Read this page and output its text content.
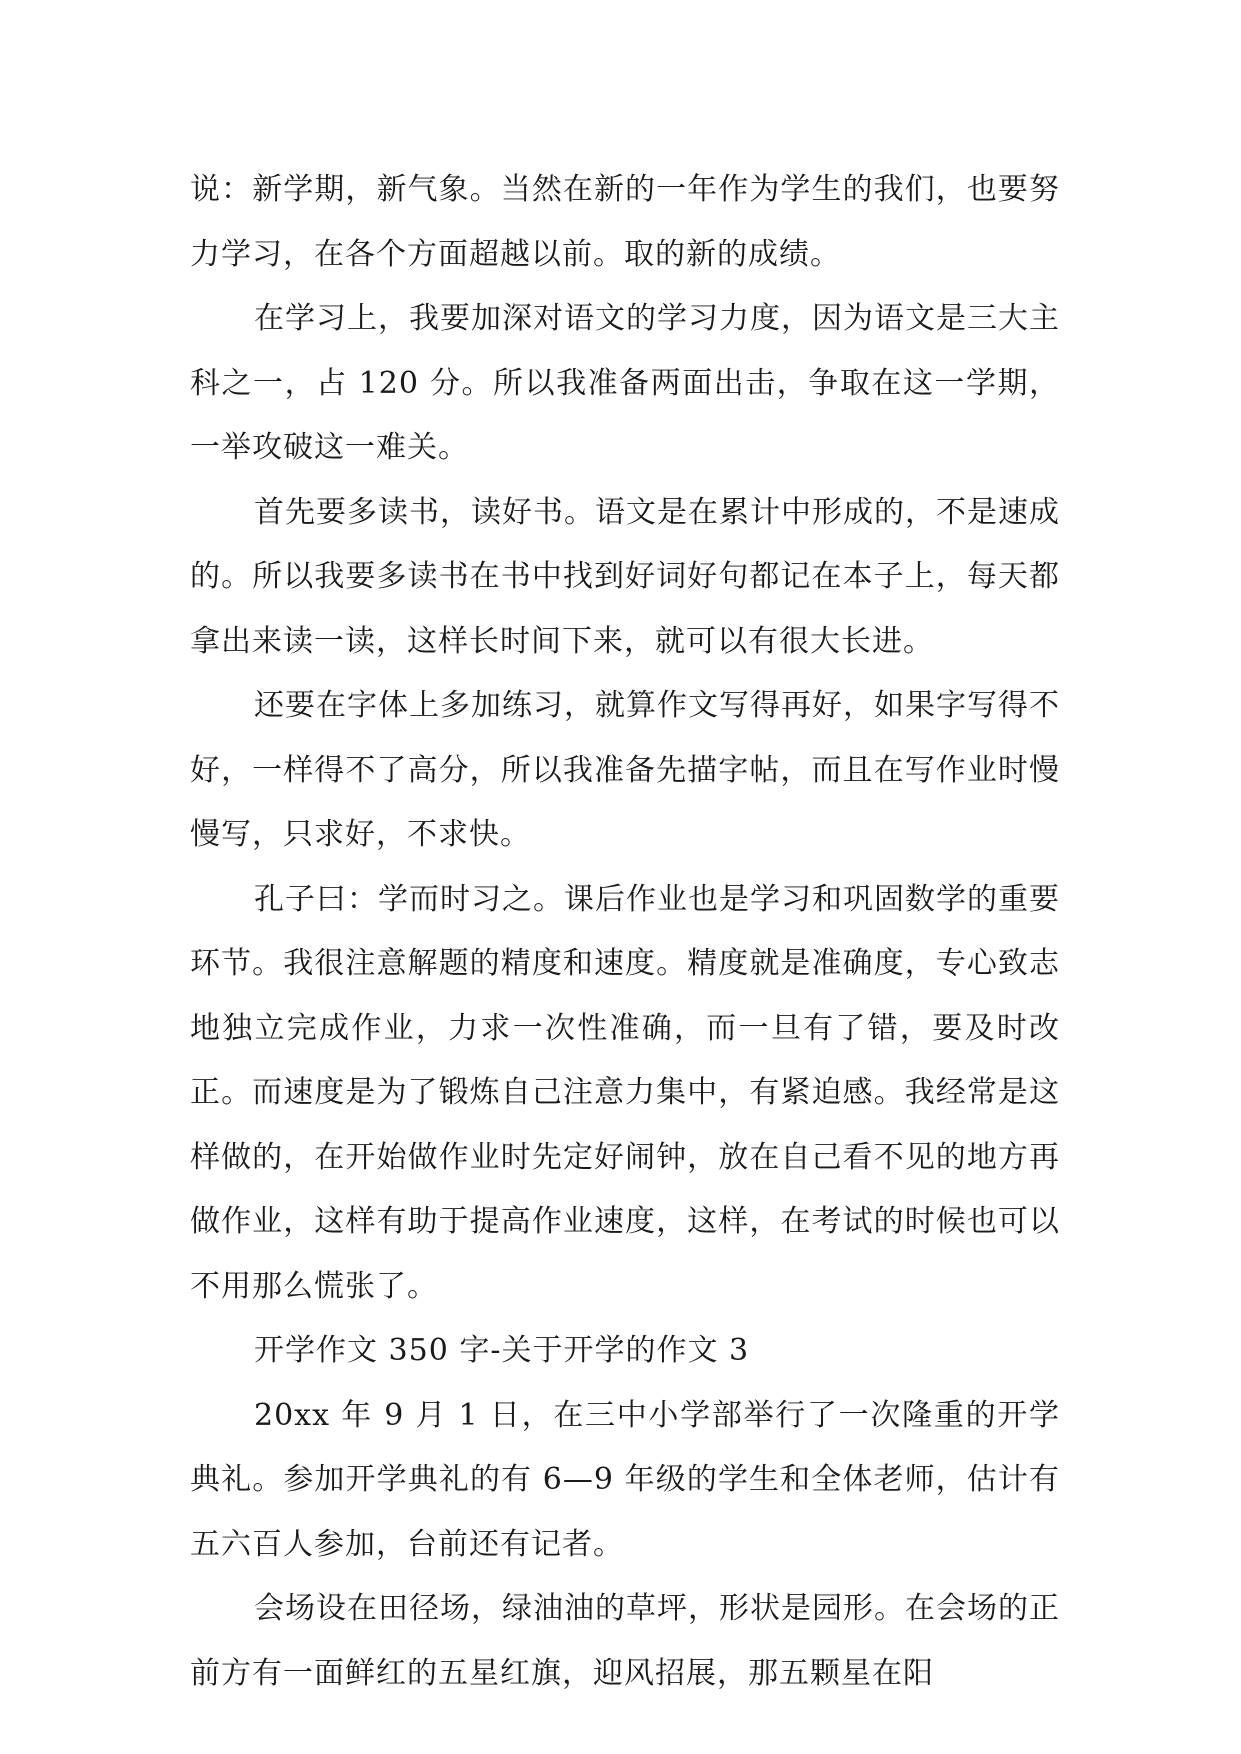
说：新学期，新气象。当然在新的一年作为学生的我们，也要努力学习，在各个方面超越以前。取的新的成绩。

在学习上，我要加深对语文的学习力度，因为语文是三大主科之一，占 120 分。所以我准备两面出击，争取在这一学期，一举攻破这一难关。

首先要多读书，读好书。语文是在累计中形成的，不是速成的。所以我要多读书在书中找到好词好句都记在本子上，每天都拿出来读一读，这样长时间下来，就可以有很大长进。

还要在字体上多加练习，就算作文写得再好，如果字写得不好，一样得不了高分，所以我准备先描字帖，而且在写作业时慢慢写，只求好，不求快。

孔子曰：学而时习之。课后作业也是学习和巩固数学的重要环节。我很注意解题的精度和速度。精度就是准确度，专心致志地独立完成作业，力求一次性准确，而一旦有了错，要及时改正。而速度是为了锻炼自己注意力集中，有紧迫感。我经常是这样做的，在开始做作业时先定好闹钟，放在自己看不见的地方再做作业，这样有助于提高作业速度，这样，在考试的时候也可以不用那么慌张了。

开学作文 350 字-关于开学的作文 3

20xx 年 9 月 1 日，在三中小学部举行了一次隆重的开学典礼。参加开学典礼的有 6—9 年级的学生和全体老师，估计有五六百人参加，台前还有记者。

会场设在田径场，绿油油的草坪，形状是园形。在会场的正前方有一面鲜红的五星红旗，迎风招展，那五颗星在阳
